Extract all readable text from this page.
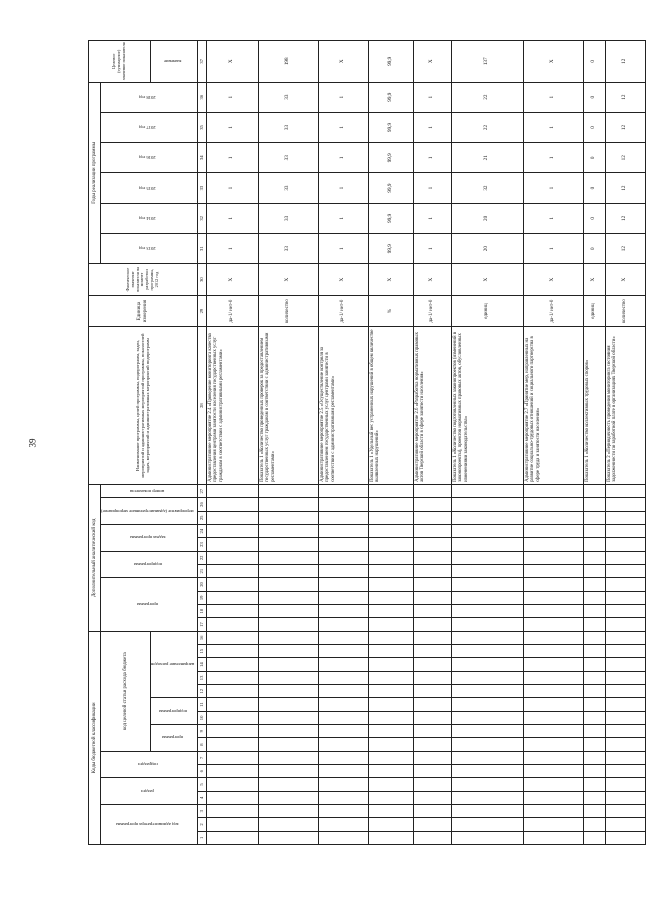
39
Коды бюджетной классификации																Дополнительный аналитический код											Наименование программы, целей программы, подпрограмм, задач, мероприятий и административных мероприятий программы, показателей задач, мероприятий и административных мероприятий подпрограмм	Единица измерения	Фактическое значение показателя на момент разработки программы, 2012 год	Годы реализации программы						Целевое (суммарное) значение показателя
код администратора программы			раздел		подраздел		код целевой статьи расхода бюджета									программа				подпрограмма		задача программы		мероприятие (административное мероприятие)		номер показателя				2013 год	2014 год	2015 год	2016 год	2017 год	2018 год	
							программа		подпрограмма		направление расходов																									значение
1	2	3	4	5	6	7	8	9	10	11	12	13	14	15	16	17	18	19	20	21	22	23	24	25	26	27	28	29	30	31	32	33	34	35	36	37
																											Административное мероприятие 2.4 «Проведение мониторинга качества предоставления центрами занятости населения государственных услуг гражданам в соответствии с административными регламентами»	да-1/ нет-0	X	1	1	1	1	1	1	X
																											Показатель 1 «Количество проведенных проверок за предоставлением государственных услуг гражданам в соответствии с административными регламентами»	количество	X	33	33	33	33	33	33	198
																											Административное мероприятие 2.5 «Осуществление контроля за предоставлением государственных услуг центрами занятости в соответствии с административными регламентами»	да-1/ нет-0	X	1	1	1	1	1	1	X
																											Показатель 1 «Удельный вес устраненных нарушений в общем количестве выявленных нарушений»	%	X	99,9	99,9	99,9	99,9	99,9	99,9	99,9
																											Административное мероприятие 2.6 «Разработка нормативных правовых актов Тверской области в сфере занятости населения»	да-1/ нет-0	X	1	1	1	1	1	1	X
																											Показатель 1 «Количество подготовленных законопроектов (изменений в законопроекты), проектов нормативных правовых актов, обусловленных изменениями законодательства»	единиц	X	20	20	32	21	22	22	137
																											Административное мероприятие 2.7 «Принятие мер, направленных на развитие социально-трудовых отношений и социального партнерства в сфере труда и занятости населения»	да-1/ нет-0	X	1	1	1	1	1	1	X
																											Показатель 1 «Количество коллективных трудовых споров»	единиц	X	0	0	0	0	0	0	0
																											Показатель 2 «Периодичность проведения мониторинга состояния задолженности по заработной плате в организациях Тверской области»	количество	X	12	12	12	12	12	12	12
